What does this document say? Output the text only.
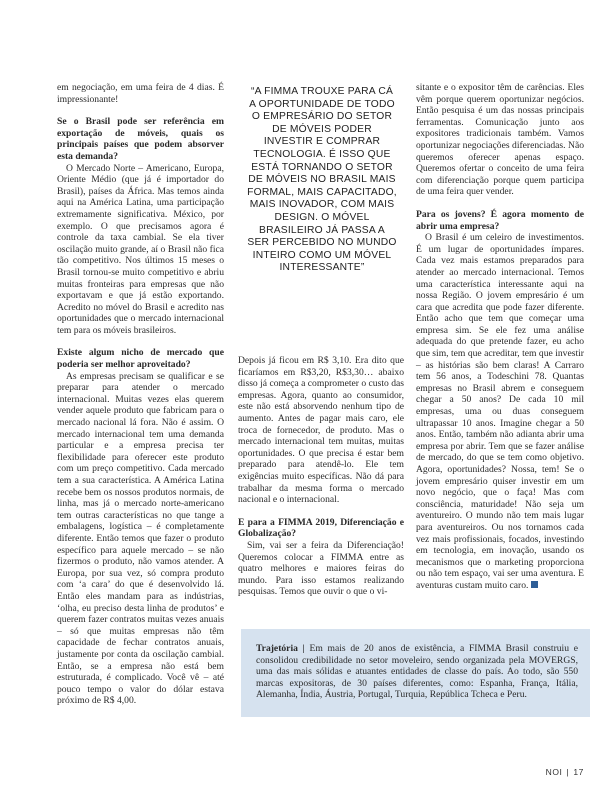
em negociação, em uma feira de 4 dias. É impressionante!

Se o Brasil pode ser referência em exportação de móveis, quais os principais países que podem absorver esta demanda?

O Mercado Norte – Americano, Europa, Oriente Médio (que já é importador do Brasil), países da África. Mas temos ainda aqui na América Latina, uma participação extremamente significativa. México, por exemplo. O que precisamos agora é controle da taxa cambial. Se ela tiver oscilação muito grande, aí o Brasil não fica tão competitivo. Nos últimos 15 meses o Brasil tornou-se muito competitivo e abriu muitas fronteiras para empresas que não exportavam e que já estão exportando. Acredito no móvel do Brasil e acredito nas oportunidades que o mercado internacional tem para os móveis brasileiros.

Existe algum nicho de mercado que poderia ser melhor aproveitado?

As empresas precisam se qualificar e se preparar para atender o mercado internacional. Muitas vezes elas querem vender aquele produto que fabricam para o mercado nacional lá fora. Não é assim. O mercado internacional tem uma demanda particular e a empresa precisa ter flexibilidade para oferecer este produto com um preço competitivo. Cada mercado tem a sua característica. A América Latina recebe bem os nossos produtos normais, de linha, mas já o mercado norte-americano tem outras características no que tange a embalagens, logística – é completamente diferente. Então temos que fazer o produto específico para aquele mercado – se não fizermos o produto, não vamos atender. A Europa, por sua vez, só compra produto com ‘a cara’ do que é desenvolvido lá. Então eles mandam para as indústrias, ‘olha, eu preciso desta linha de produtos’ e querem fazer contratos muitas vezes anuais – só que muitas empresas não têm capacidade de fechar contratos anuais, justamente por conta da oscilação cambial. Então, se a empresa não está bem estruturada, é complicado. Você vê – até pouco tempo o valor do dólar estava próximo de R$ 4,00.

“A FIMMA TROUXE PARA CÁ A OPORTUNIDADE DE TODO O EMPRESÁRIO DO SETOR DE MÓVEIS PODER INVESTIR E COMPRAR TECNOLOGIA. É ISSO QUE ESTÁ TORNANDO O SETOR DE MÓVEIS NO BRASIL MAIS FORMAL, MAIS CAPACITADO, MAIS INOVADOR, COM MAIS DESIGN. O MÓVEL BRASILEIRO JÁ PASSA A SER PERCEBIDO NO MUNDO INTEIRO COMO UM MÓVEL INTERESSANTE”

Depois já ficou em R$ 3,10. Era dito que ficaríamos em R$3,20, R$3,30… abaixo disso já começa a comprometer o custo das empresas. Agora, quanto ao consumidor, este não está absorvendo nenhum tipo de aumento. Antes de pagar mais caro, ele troca de fornecedor, de produto. Mas o mercado internacional tem muitas, muitas oportunidades. O que precisa é estar bem preparado para atendê-lo. Ele tem exigências muito específicas. Não dá para trabalhar da mesma forma o mercado nacional e o internacional.

E para a FIMMA 2019, Diferenciação e Globalização?

Sim, vai ser a feira da Diferenciação! Queremos colocar a FIMMA entre as quatro melhores e maiores feiras do mundo. Para isso estamos realizando pesquisas. Temos que ouvir o que o vi-

sitante e o expositor têm de carências. Eles vêm porque querem oportunizar negócios. Então pesquisa é um das nossas principais ferramentas. Comunicação junto aos expositores tradicionais também. Vamos oportunizar negociações diferenciadas. Não queremos oferecer apenas espaço. Queremos ofertar o conceito de uma feira com diferenciação porque quem participa de uma feira quer vender.

Para os jovens? É agora momento de abrir uma empresa?

O Brasil é um celeiro de investimentos. É um lugar de oportunidades ímpares. Cada vez mais estamos preparados para atender ao mercado internacional. Temos uma característica interessante aqui na nossa Região. O jovem empresário é um cara que acredita que pode fazer diferente. Então acho que tem que começar uma empresa sim. Se ele fez uma análise adequada do que pretende fazer, eu acho que sim, tem que acreditar, tem que investir – as histórias são bem claras! A Carraro tem 56 anos, a Todeschini 78. Quantas empresas no Brasil abrem e conseguem chegar a 50 anos? De cada 10 mil empresas, uma ou duas conseguem ultrapassar 10 anos. Imagine chegar a 50 anos. Então, também não adianta abrir uma empresa por abrir. Tem que se fazer análise de mercado, do que se tem como objetivo. Agora, oportunidades? Nossa, tem! Se o jovem empresário quiser investir em um novo negócio, que o faça! Mas com consciência, maturidade! Não seja um aventureiro. O mundo não tem mais lugar para aventureiros. Ou nos tornamos cada vez mais profissionais, focados, investindo em tecnologia, em inovação, usando os mecanismos que o marketing proporciona ou não tem espaço, vai ser uma aventura. E aventuras custam muito caro.

Trajetória | Em mais de 20 anos de existência, a FIMMA Brasil construiu e consolidou credibilidade no setor moveleiro, sendo organizada pela MOVERGS, uma das mais sólidas e atuantes entidades de classe do país. Ao todo, são 550 marcas expositoras, de 30 países diferentes, como: Espanha, França, Itália, Alemanha, Índia, Áustria, Portugal, Turquia, República Tcheca e Peru.
NOI | 17
